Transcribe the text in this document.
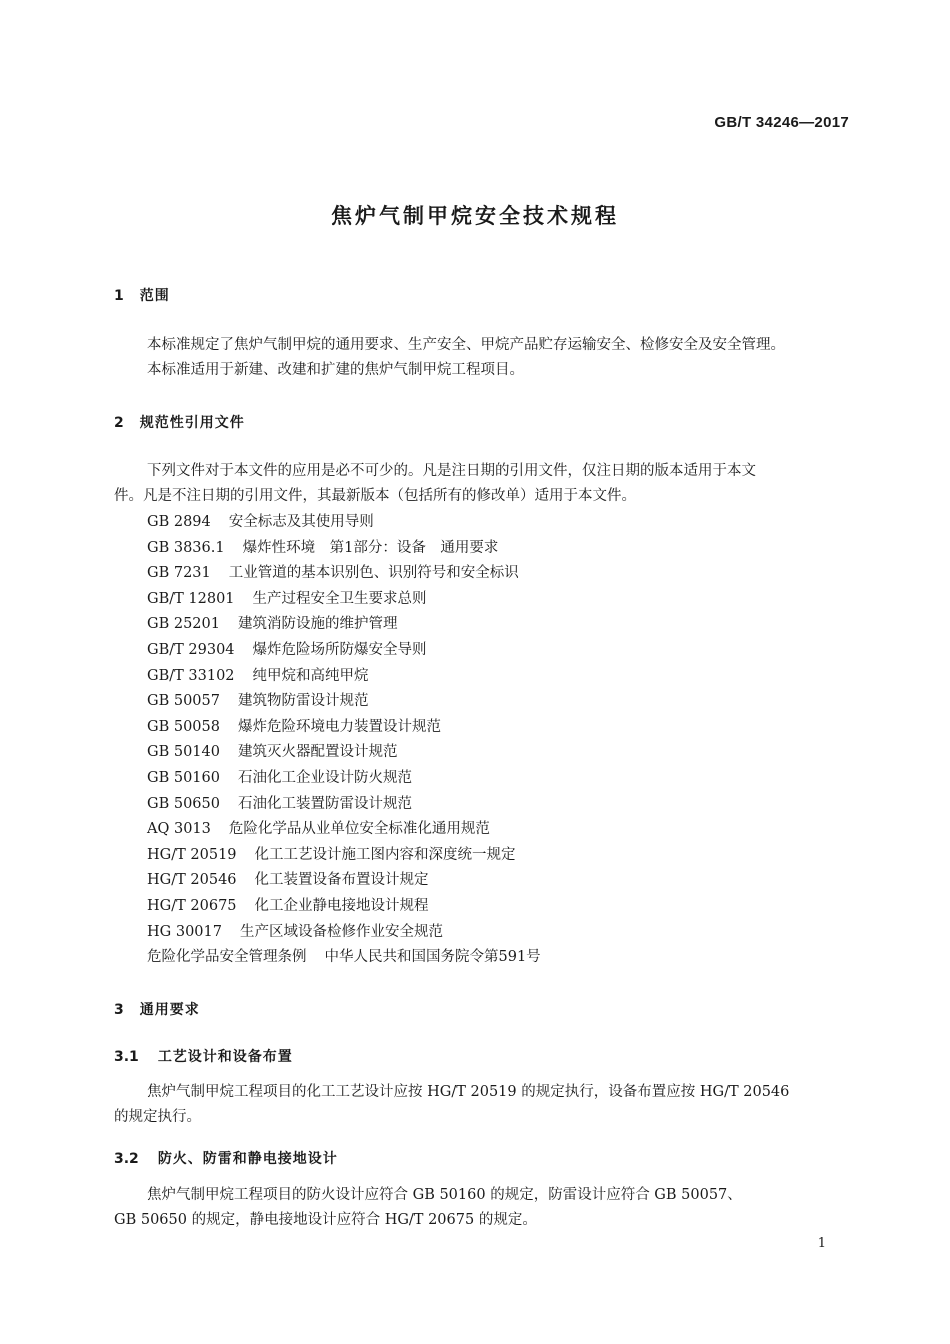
GB/T 34246—2017
焦炉气制甲烷安全技术规程
1 范围
本标准规定了焦炉气制甲烷的通用要求、生产安全、甲烷产品贮存运输安全、检修安全及安全管理。
本标准适用于新建、改建和扩建的焦炉气制甲烷工程项目。
2 规范性引用文件
下列文件对于本文件的应用是必不可少的。凡是注日期的引用文件，仅注日期的版本适用于本文
件。凡是不注日期的引用文件，其最新版本（包括所有的修改单）适用于本文件。
GB 2894 安全标志及其使用导则
GB 3836.1 爆炸性环境　第1部分：设备　通用要求
GB 7231 工业管道的基本识别色、识别符号和安全标识
GB/T 12801 生产过程安全卫生要求总则
GB 25201 建筑消防设施的维护管理
GB/T 29304 爆炸危险场所防爆安全导则
GB/T 33102 纯甲烷和高纯甲烷
GB 50057 建筑物防雷设计规范
GB 50058 爆炸危险环境电力装置设计规范
GB 50140 建筑灭火器配置设计规范
GB 50160 石油化工企业设计防火规范
GB 50650 石油化工装置防雷设计规范
AQ 3013 危险化学品从业单位安全标准化通用规范
HG/T 20519 化工工艺设计施工图内容和深度统一规定
HG/T 20546 化工装置设备布置设计规定
HG/T 20675 化工企业静电接地设计规程
HG 30017 生产区域设备检修作业安全规范
危险化学品安全管理条例 中华人民共和国国务院令第591号
3 通用要求
3.1 工艺设计和设备布置
焦炉气制甲烷工程项目的化工工艺设计应按 HG/T 20519 的规定执行，设备布置应按 HG/T 20546
的规定执行。
3.2 防火、防雷和静电接地设计
焦炉气制甲烷工程项目的防火设计应符合 GB 50160 的规定，防雷设计应符合 GB 50057、
GB 50650 的规定，静电接地设计应符合 HG/T 20675 的规定。
1
